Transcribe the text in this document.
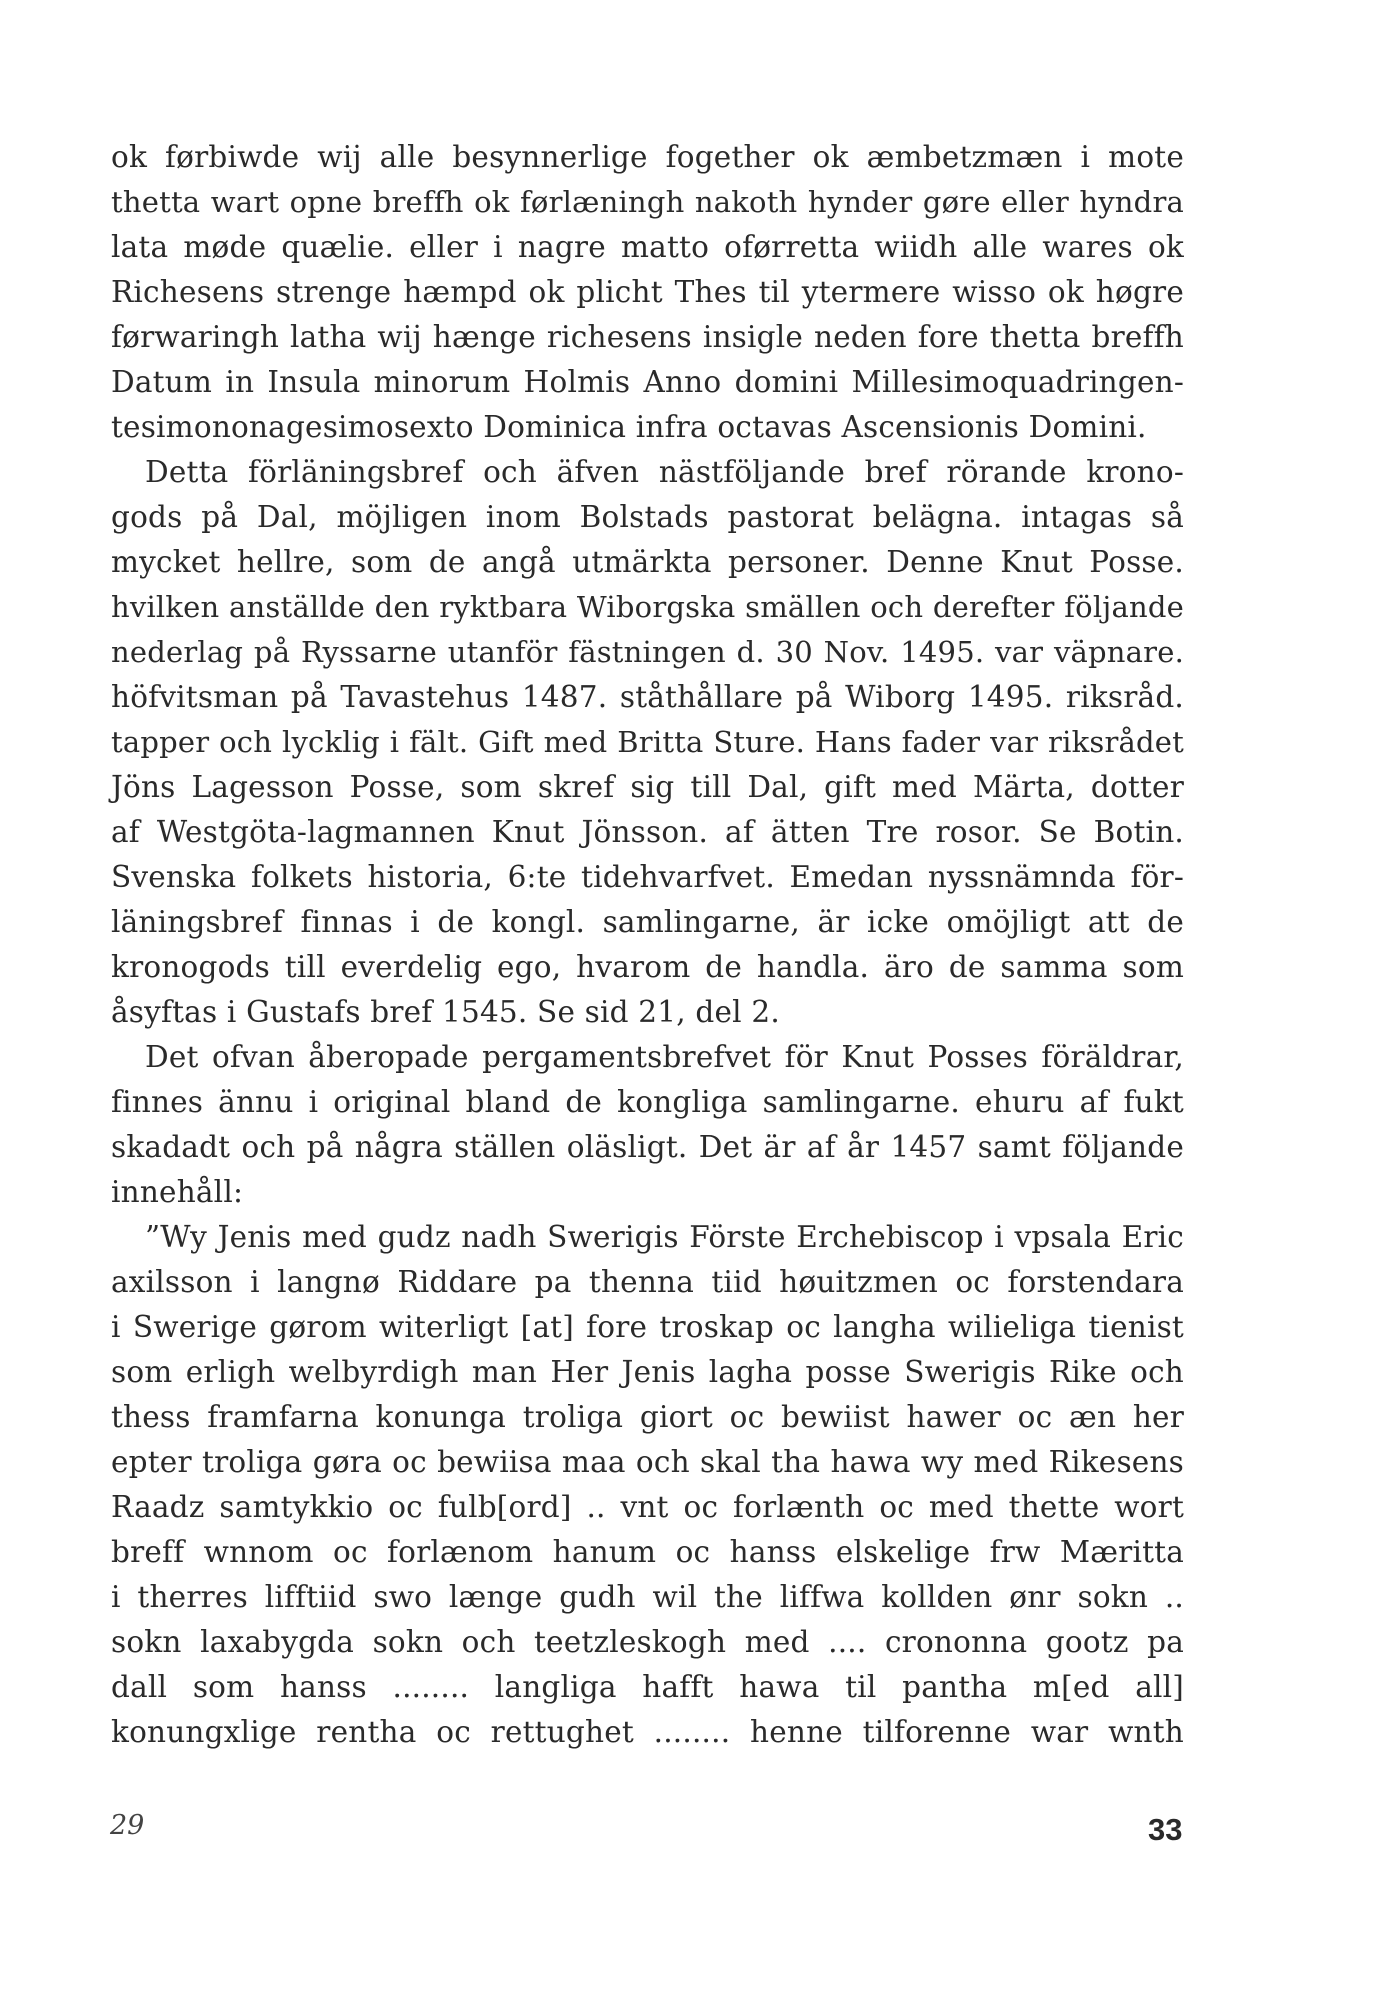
ok førbiwde wij alle besynnerlige fogether ok æmbetzmæn i mote
thetta wart opne breffh ok førlæningh nakoth hynder gøre eller hyndra
lata møde quælie. eller i nagre matto oførretta wiidh alle wares ok
Richesens strenge hæmpd ok plicht Thes til ytermere wisso ok høgre
førwaringh latha wij hænge richesens insigle neden fore thetta breffh
Datum in Insula minorum Holmis Anno domini Millesimoquadringen-
tesimononagesimosexto Dominica infra octavas Ascensionis Domini.
Detta förläningsbref och äfven nästföljande bref rörande krono-
gods på Dal, möjligen inom Bolstads pastorat belägna. intagas så
mycket hellre, som de angå utmärkta personer. Denne Knut Posse.
hvilken anställde den ryktbara Wiborgska smällen och derefter följande
nederlag på Ryssarne utanför fästningen d. 30 Nov. 1495. var väpnare.
höfvitsman på Tavastehus 1487. ståthållare på Wiborg 1495. riksråd.
tapper och lycklig i fält. Gift med Britta Sture. Hans fader var riksrådet
Jöns Lagesson Posse, som skref sig till Dal, gift med Märta, dotter
af Westgöta-lagmannen Knut Jönsson. af ätten Tre rosor. Se Botin.
Svenska folkets historia, 6:te tidehvarfvet. Emedan nyssnämnda för-
läningsbref finnas i de kongl. samlingarne, är icke omöjligt att de
kronogods till everdelig ego, hvarom de handla. äro de samma som
åsyftas i Gustafs bref 1545. Se sid 21, del 2.
Det ofvan åberopade pergamentsbrefvet för Knut Posses föräldrar,
finnes ännu i original bland de kongliga samlingarne. ehuru af fukt
skadadt och på några ställen oläsligt. Det är af år 1457 samt följande
innehåll:
”Wy Jenis med gudz nadh Swerigis Förste Erchebiscop i vpsala Eric
axilsson i langnø Riddare pa thenna tiid høuitzmen oc forstendara
i Swerige gørom witerligt [at] fore troskap oc langha wilieliga tienist
som erligh welbyrdigh man Her Jenis lagha posse Swerigis Rike och
thess framfarna konunga troliga giort oc bewiist hawer oc æn her
epter troliga gøra oc bewiisa maa och skal tha hawa wy med Rikesens
Raadz samtykkio oc fulb[ord] .. vnt oc forlænth oc med thette wort
breff wnnom oc forlænom hanum oc hanss elskelige frw Mæritta
i therres lifftiid swo længe gudh wil the liffwa kollden ønr sokn ..
sokn laxabygda sokn och teetzleskogh med .... crononna gootz pa
dall som hanss ........ langliga hafft hawa til pantha m[ed all]
konungxlige rentha oc rettughet ........ henne tilforenne war wnth
29	33
